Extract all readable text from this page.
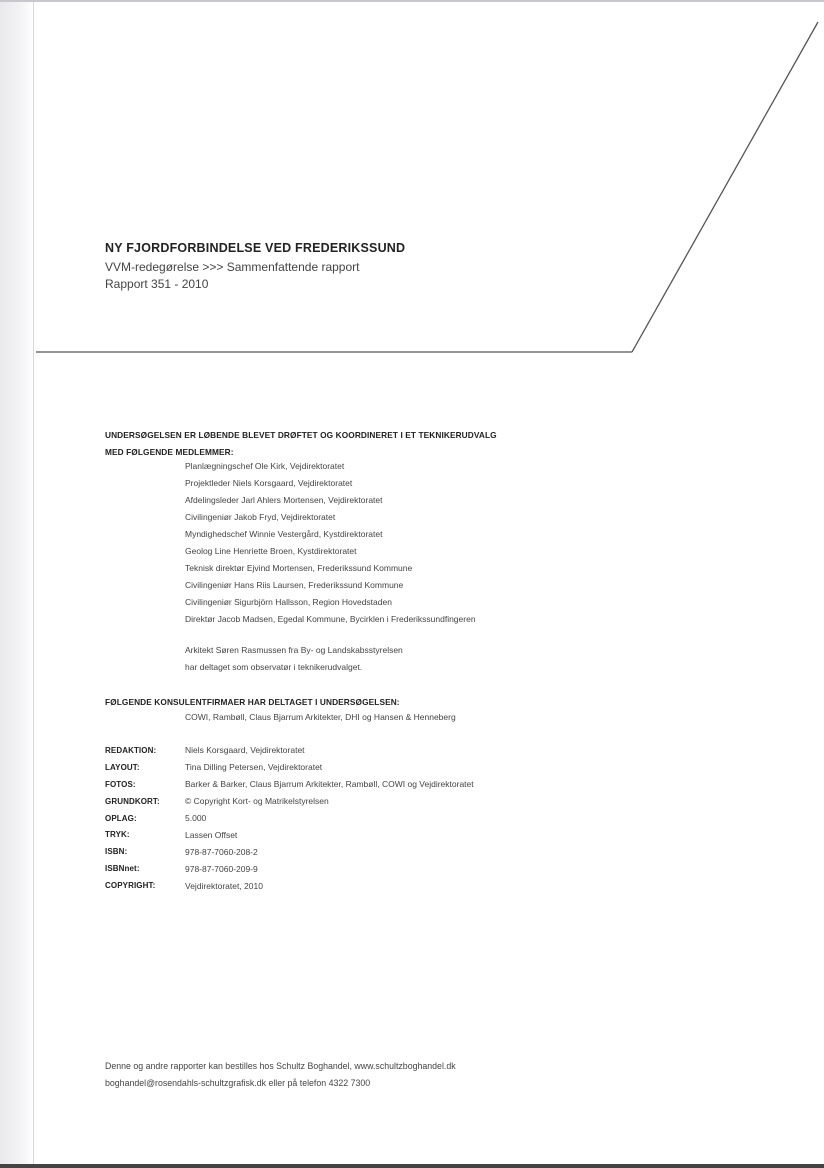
NY FJORDFORBINDELSE VED FREDERIKSSUND
VVM-redegørelse >>> Sammenfattende rapport
Rapport 351 - 2010
UNDERSØGELSEN ER LØBENDE BLEVET DRØFTET OG KOORDINERET I ET TEKNIKERUDVALG
MED FØLGENDE MEDLEMMER:
Planlægningschef Ole Kirk, Vejdirektoratet
Projektleder Niels Korsgaard, Vejdirektoratet
Afdelingsleder Jarl Ahlers Mortensen, Vejdirektoratet
Civilingeniør Jakob Fryd, Vejdirektoratet
Myndighedschef Winnie Vestergård, Kystdirektoratet
Geolog Line Henriette Broen, Kystdirektoratet
Teknisk direktør Ejvind Mortensen, Frederikssund Kommune
Civilingeniør Hans Riis Laursen, Frederikssund Kommune
Civilingeniør Sigurbjörn Hallsson, Region Hovedstaden
Direktør Jacob Madsen, Egedal Kommune, Bycirklen i Frederikssundfingeren
Arkitekt Søren Rasmussen fra By- og Landskabsstyrelsen
har deltaget som observatør i teknikerudvalget.
FØLGENDE KONSULENTFIRMAER HAR DELTAGET I UNDERSØGELSEN:
COWI, Rambøll, Claus Bjarrum Arkitekter, DHI og Hansen & Henneberg
REDAKTION:	Niels Korsgaard, Vejdirektoratet
LAYOUT:	Tina Dilling Petersen, Vejdirektoratet
FOTOS:	Barker & Barker, Claus Bjarrum Arkitekter, Rambøll, COWI og Vejdirektoratet
GRUNDKORT:	© Copyright Kort- og Matrikelstyrelsen
OPLAG:	5.000
TRYK:	Lassen Offset
ISBN:	978-87-7060-208-2
ISBNnet:	978-87-7060-209-9
COPYRIGHT:	Vejdirektoratet, 2010
Denne og andre rapporter kan bestilles hos Schultz Boghandel, www.schultzboghandel.dk
boghandel@rosendahls-schultzgrafisk.dk eller på telefon 4322 7300
